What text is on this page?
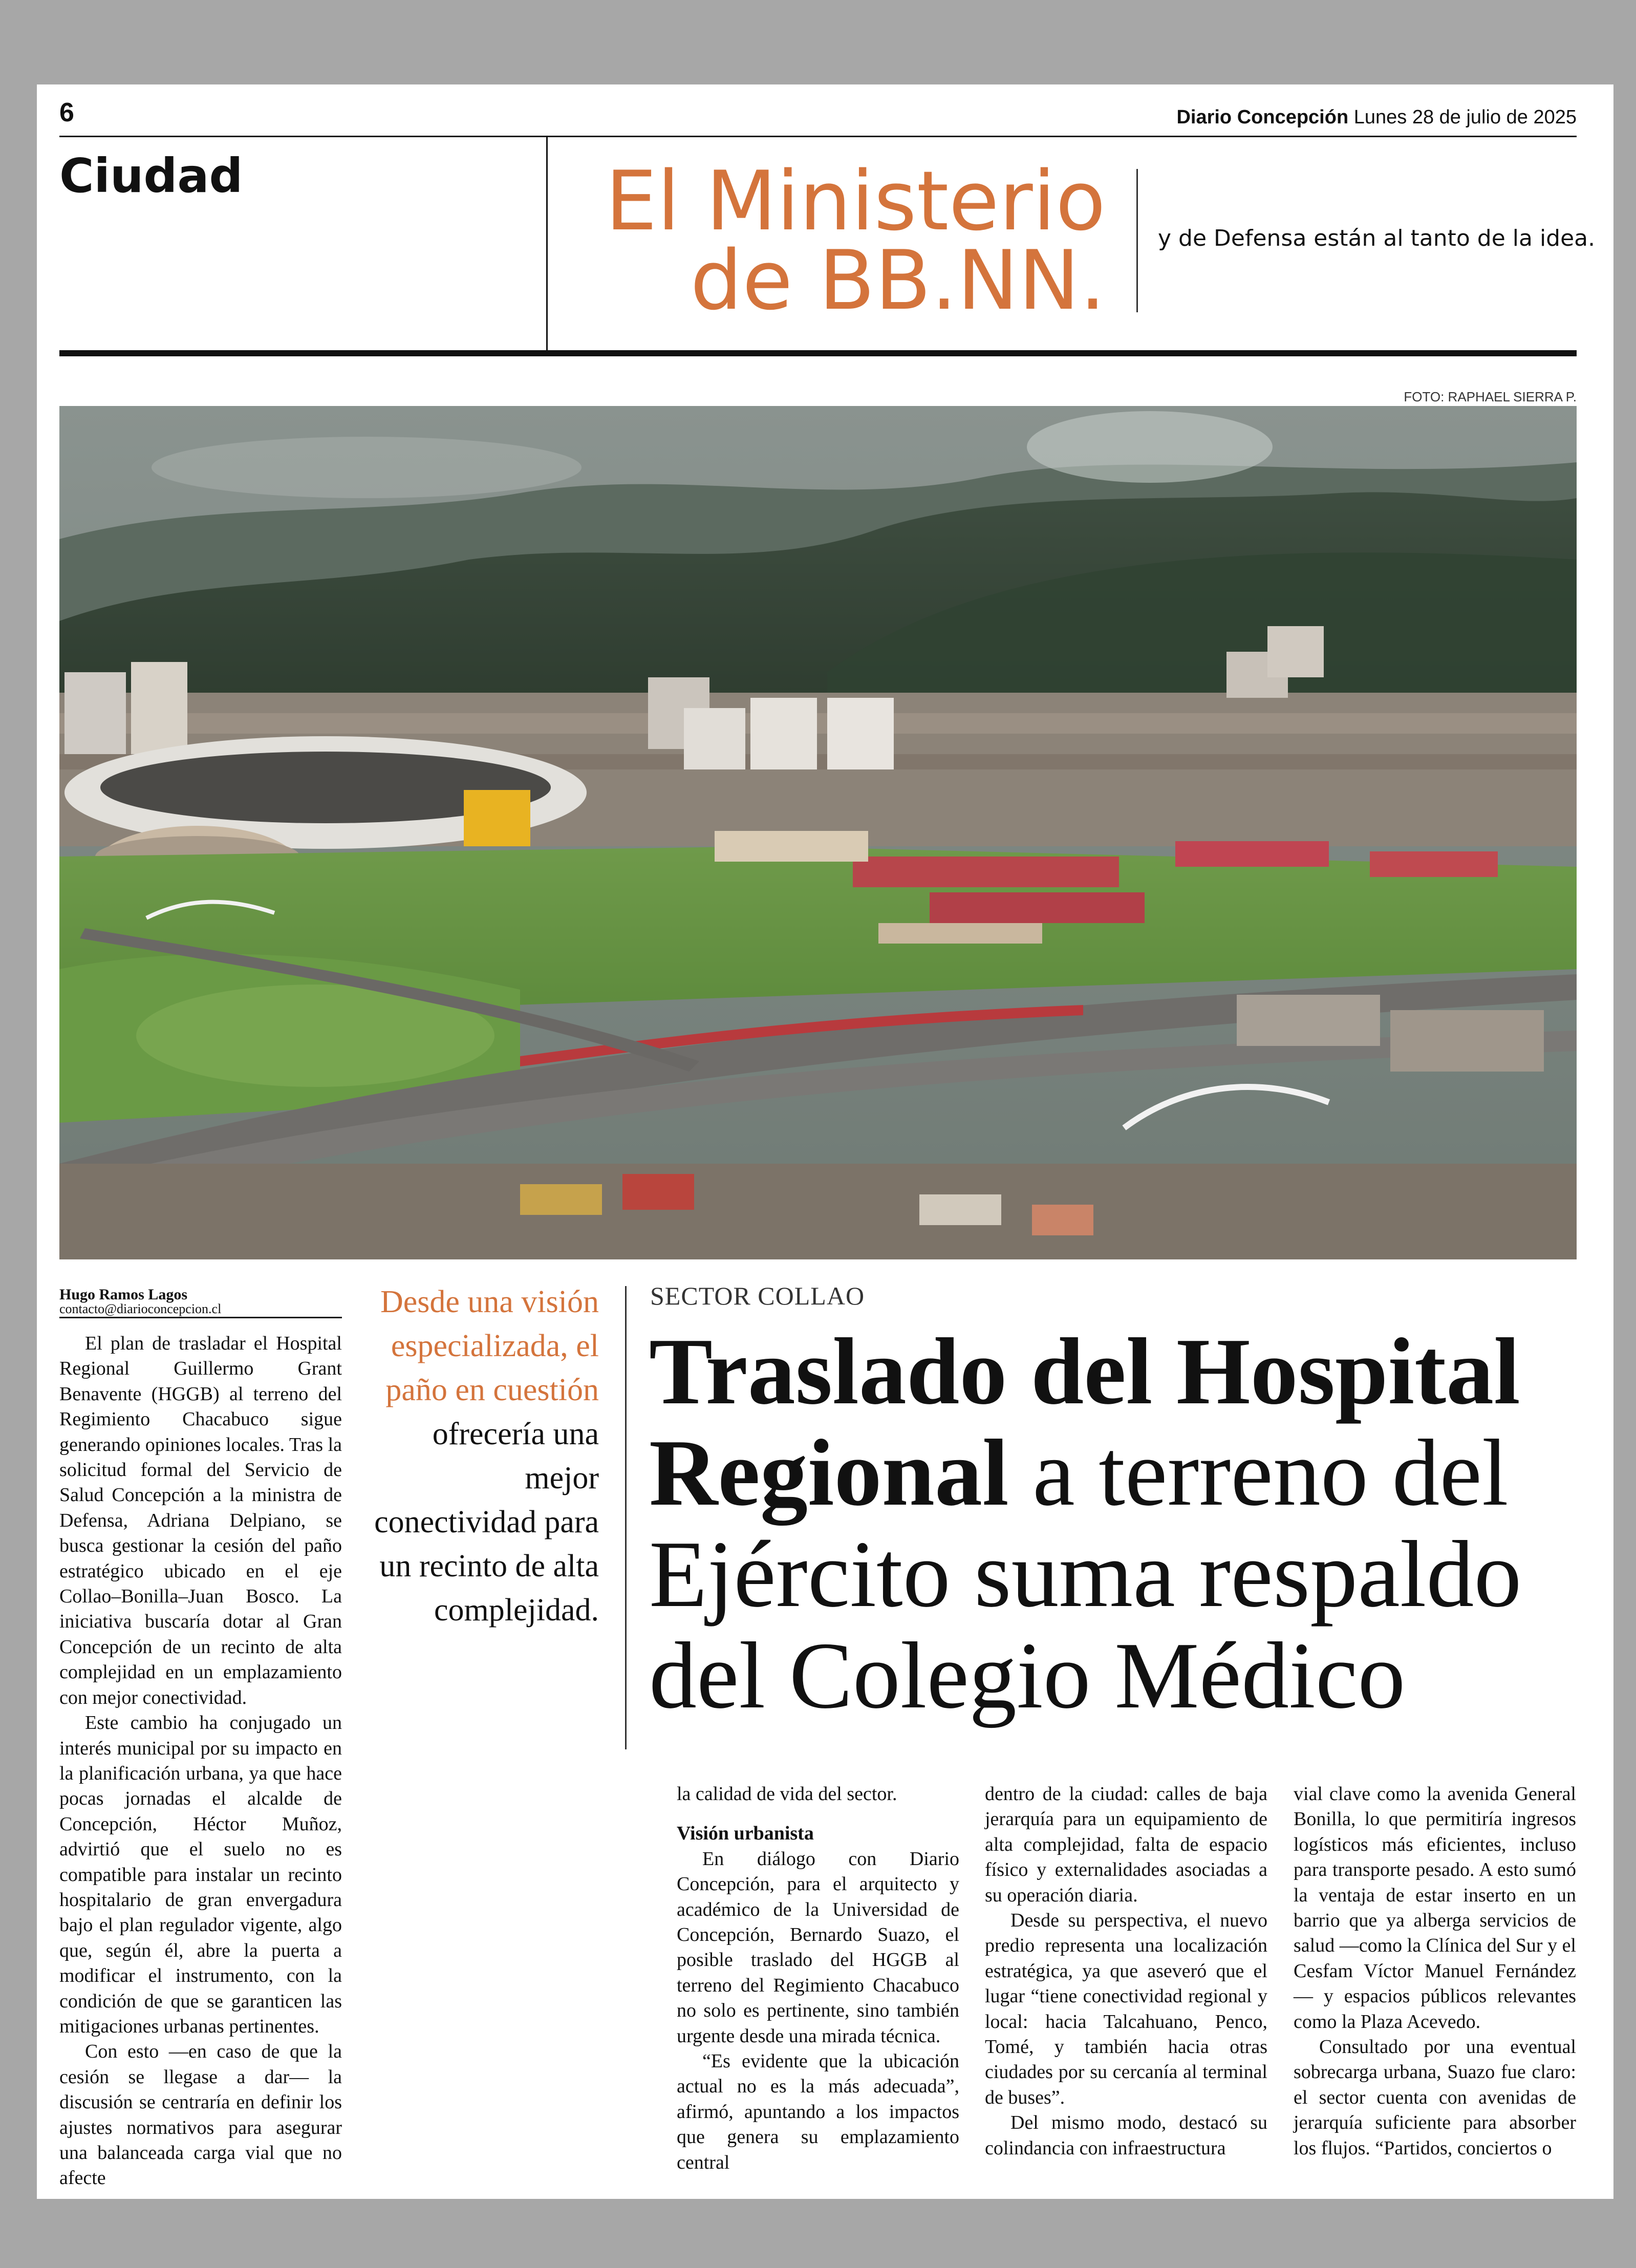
6	Diario Concepción Lunes 28 de julio de 2025
Ciudad	El Ministerio
de BB.NN. y de Defensa están al tanto de la idea.
FOTO: RAPHAEL SIERRA P.
Hugo Ramos Lagos
contacto@diarioconcepcion.cl

El plan de trasladar el Hospital Regional Guillermo Grant Benavente (HGGB) al terreno del Regimiento Chacabuco sigue generando opiniones locales. Tras la solicitud formal del Servicio de Salud Concepción a la ministra de Defensa, Adriana Delpiano, se busca gestionar la cesión del paño estratégico ubicado en el eje Collao–Bonilla–Juan Bosco. La iniciativa buscaría dotar al Gran Concepción de un recinto de alta complejidad en un emplazamiento con mejor conectividad.

Este cambio ha conjugado un interés municipal por su impacto en la planificación urbana, ya que hace pocas jornadas el alcalde de Concepción, Héctor Muñoz, advirtió que el suelo no es compatible para instalar un recinto hospitalario de gran envergadura bajo el plan regulador vigente, algo que, según él, abre la puerta a modificar el instrumento, con la condición de que se garanticen las mitigaciones urbanas pertinentes.

Con esto —en caso de que la cesión se llegase a dar— la discusión se centraría en definir los ajustes normativos para asegurar una balanceada carga vial que no afecte

Desde una visión especializada, el paño en cuestión ofrecería una mejor conectividad para un recinto de alta complejidad.
SECTOR COLLAO
Traslado del Hospital Regional a terreno del Ejército suma respaldo del Colegio Médico

la calidad de vida del sector.

Visión urbanista

En diálogo con Diario Concepción, para el arquitecto y académico de la Universidad de Concepción, Bernardo Suazo, el posible traslado del HGGB al terreno del Regimiento Chacabuco no solo es pertinente, sino también urgente desde una mirada técnica.

“Es evidente que la ubicación actual no es la más adecuada”, afirmó, apuntando a los impactos que genera su emplazamiento central

dentro de la ciudad: calles de baja jerarquía para un equipamiento de alta complejidad, falta de espacio físico y externalidades asociadas a su operación diaria.

Desde su perspectiva, el nuevo predio representa una localización estratégica, ya que aseveró que el lugar “tiene conectividad regional y local: hacia Talcahuano, Penco, Tomé, y también hacia otras ciudades por su cercanía al terminal de buses”.

Del mismo modo, destacó su colindancia con infraestructura

vial clave como la avenida General Bonilla, lo que permitiría ingresos logísticos más eficientes, incluso para transporte pesado. A esto sumó la ventaja de estar inserto en un barrio que ya alberga servicios de salud —como la Clínica del Sur y el Cesfam Víctor Manuel Fernández— y espacios públicos relevantes como la Plaza Acevedo.

Consultado por una eventual sobrecarga urbana, Suazo fue claro: el sector cuenta con avenidas de jerarquía suficiente para absorber los flujos. “Partidos, conciertos o
